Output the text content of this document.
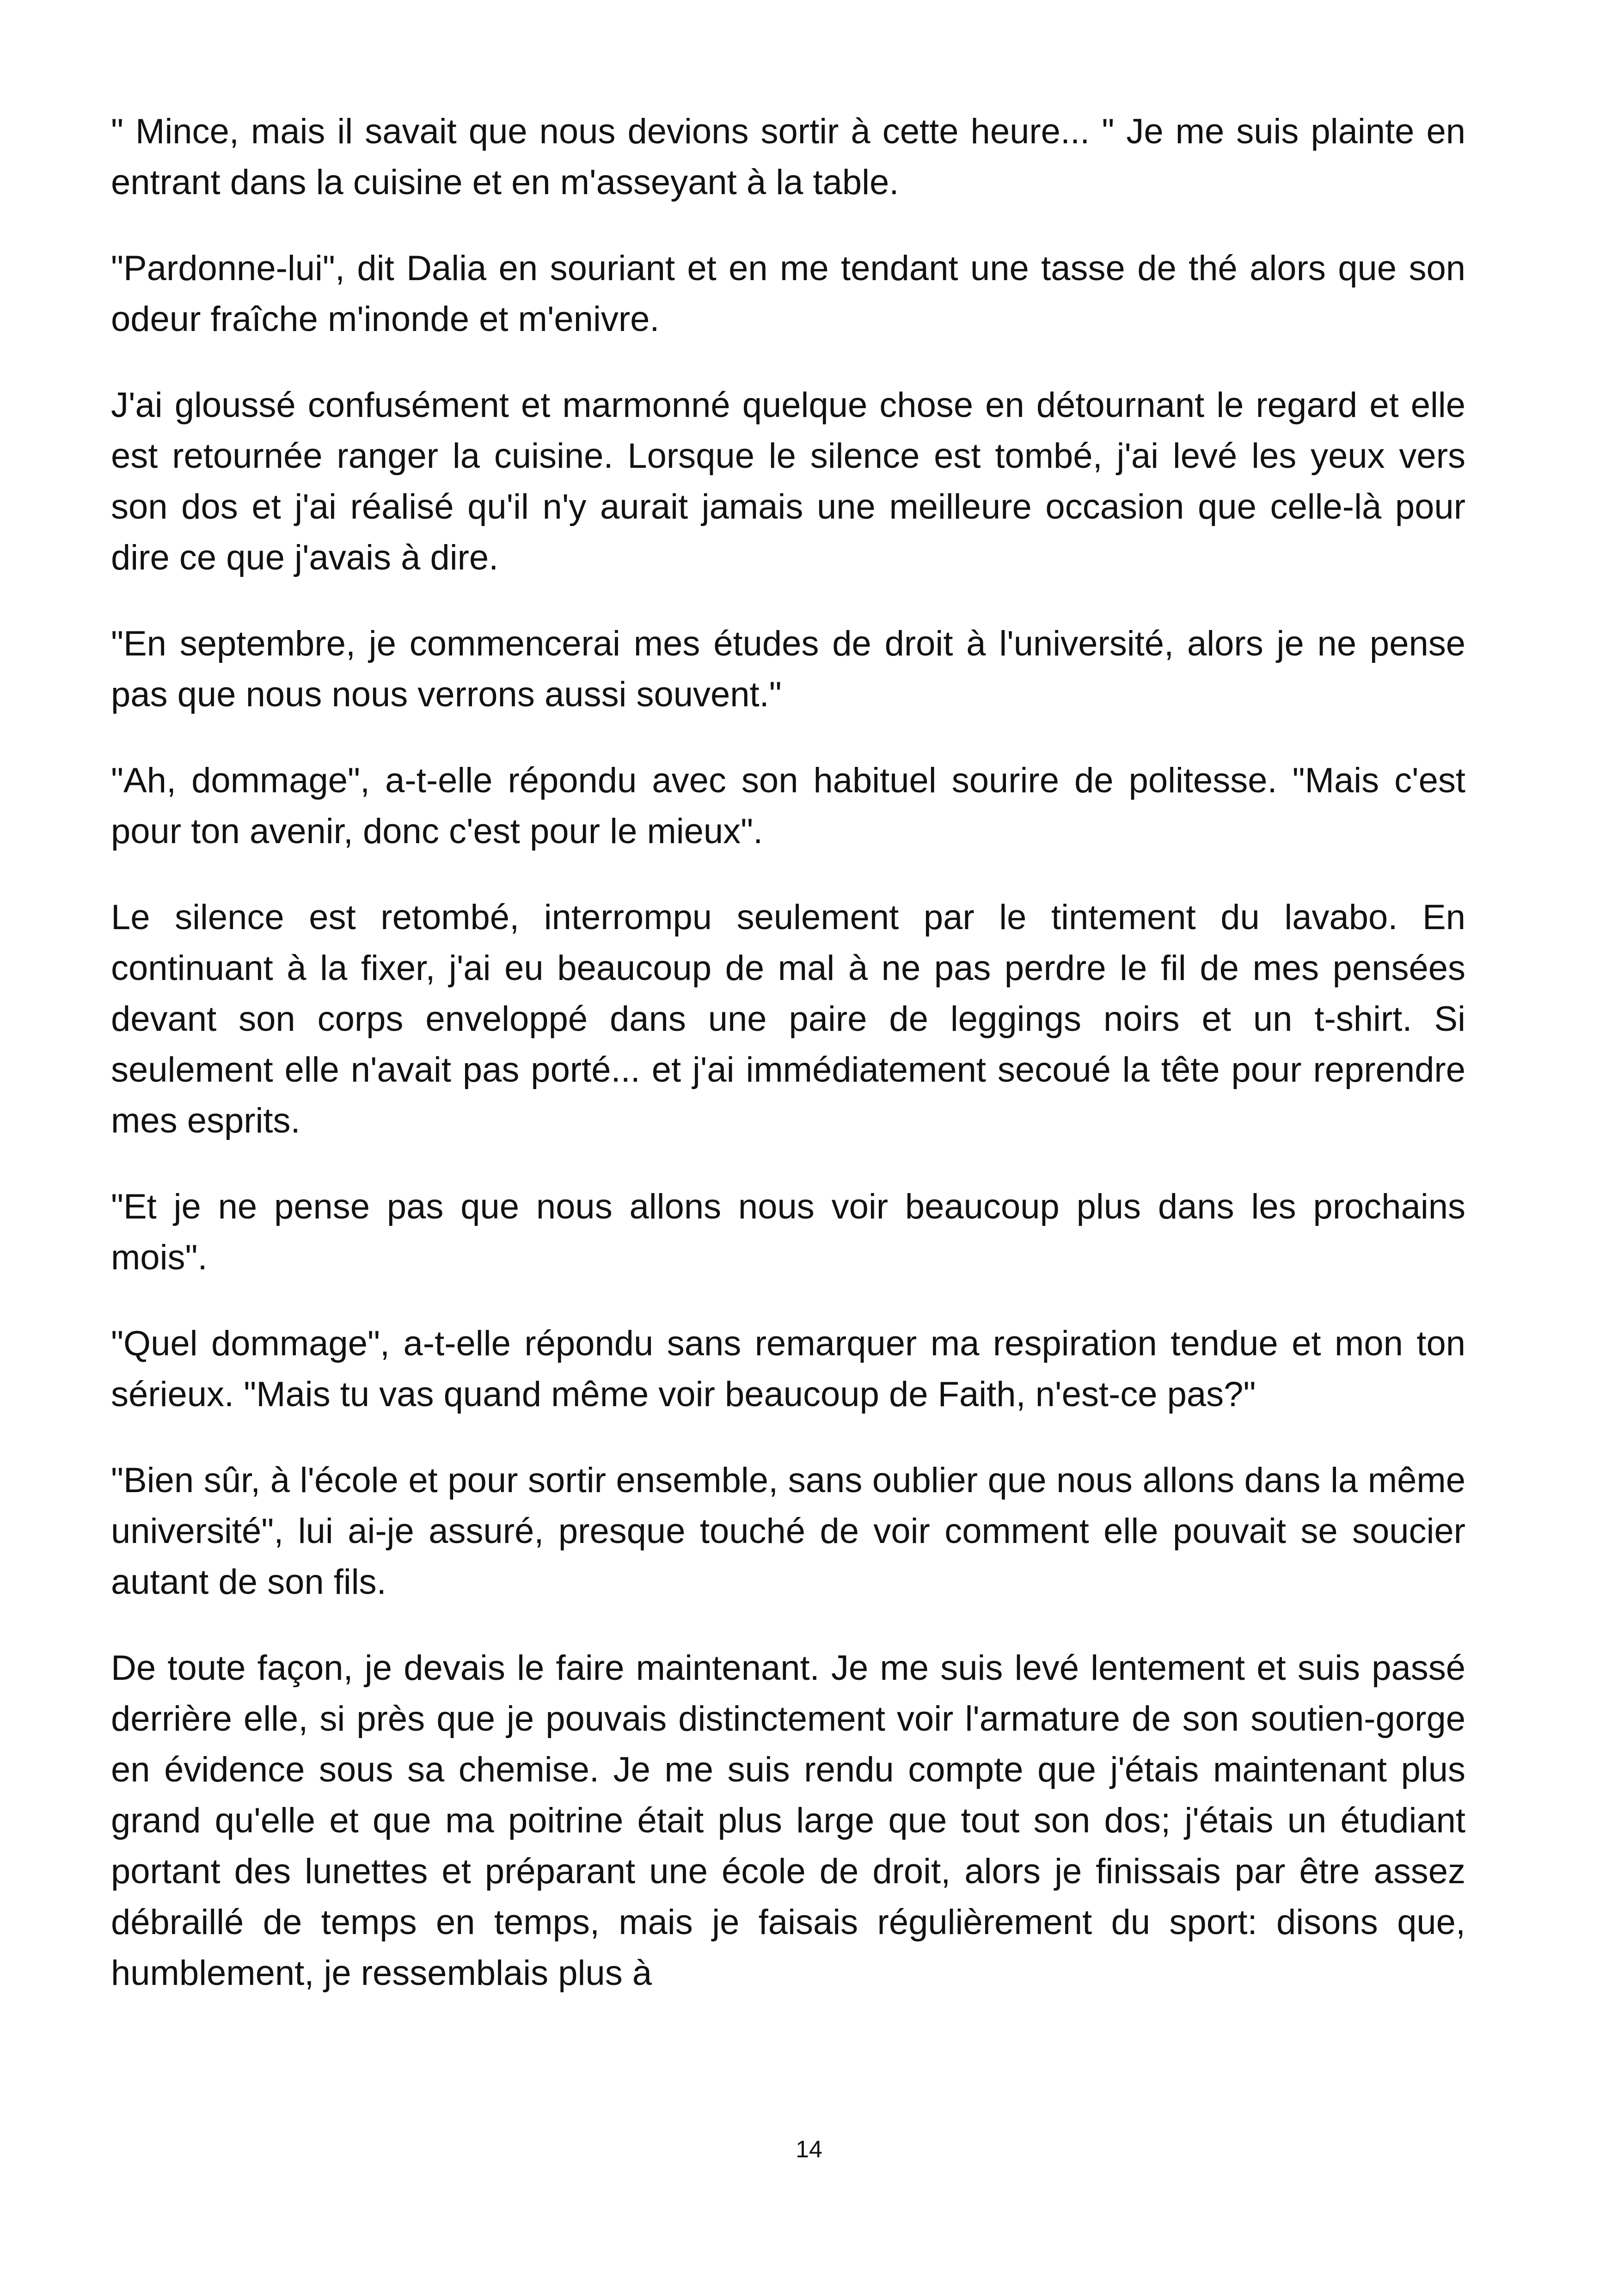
" Mince, mais il savait que nous devions sortir à cette heure... " Je me suis plainte en entrant dans la cuisine et en m'asseyant à la table.

"Pardonne-lui", dit Dalia en souriant et en me tendant une tasse de thé alors que son odeur fraîche m'inonde et m'enivre.

J'ai gloussé confusément et marmonné quelque chose en détournant le regard et elle est retournée ranger la cuisine. Lorsque le silence est tombé, j'ai levé les yeux vers son dos et j'ai réalisé qu'il n'y aurait jamais une meilleure occasion que celle-là pour dire ce que j'avais à dire.

"En septembre, je commencerai mes études de droit à l'université, alors je ne pense pas que nous nous verrons aussi souvent."

"Ah, dommage", a-t-elle répondu avec son habituel sourire de politesse. "Mais c'est pour ton avenir, donc c'est pour le mieux".

Le silence est retombé, interrompu seulement par le tintement du lavabo. En continuant à la fixer, j'ai eu beaucoup de mal à ne pas perdre le fil de mes pensées devant son corps enveloppé dans une paire de leggings noirs et un t-shirt. Si seulement elle n'avait pas porté... et j'ai immédiatement secoué la tête pour reprendre mes esprits.

"Et je ne pense pas que nous allons nous voir beaucoup plus dans les prochains mois".

"Quel dommage", a-t-elle répondu sans remarquer ma respiration tendue et mon ton sérieux. "Mais tu vas quand même voir beaucoup de Faith, n'est-ce pas?"

"Bien sûr, à l'école et pour sortir ensemble, sans oublier que nous allons dans la même université", lui ai-je assuré, presque touché de voir comment elle pouvait se soucier autant de son fils.

De toute façon, je devais le faire maintenant. Je me suis levé lentement et suis passé derrière elle, si près que je pouvais distinctement voir l'armature de son soutien-gorge en évidence sous sa chemise. Je me suis rendu compte que j'étais maintenant plus grand qu'elle et que ma poitrine était plus large que tout son dos; j'étais un étudiant portant des lunettes et préparant une école de droit, alors je finissais par être assez débraillé de temps en temps, mais je faisais régulièrement du sport: disons que, humblement, je ressemblais plus à

14
